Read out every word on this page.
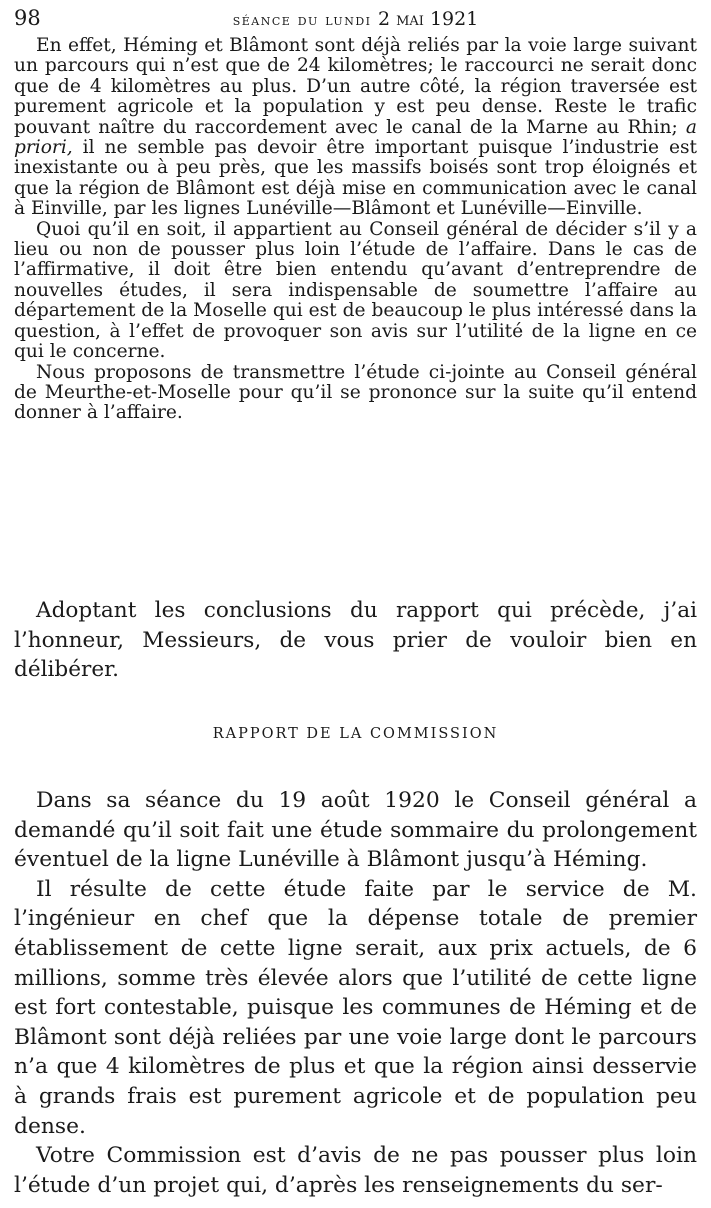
98	séance du lundi 2 mai 1921

En effet, Héming et Blâmont sont déjà reliés par la voie large suivant un parcours qui n’est que de 24 kilomètres; le raccourci ne serait donc que de 4 kilomètres au plus. D’un autre côté, la région traversée est purement agricole et la population y est peu dense. Reste le trafic pouvant naître du raccordement avec le canal de la Marne au Rhin; a priori, il ne semble pas devoir être important puisque l’industrie est inexistante ou à peu près, que les massifs boisés sont trop éloignés et que la région de Blâmont est déjà mise en communication avec le canal à Einville, par les lignes Lunéville—Blâmont et Lunéville—Einville.

Quoi qu’il en soit, il appartient au Conseil général de décider s’il y a lieu ou non de pousser plus loin l’étude de l’affaire. Dans le cas de l’affirmative, il doit être bien entendu qu’avant d’entreprendre de nouvelles études, il sera indispensable de soumettre l’affaire au département de la Moselle qui est de beaucoup le plus intéressé dans la question, à l’effet de provoquer son avis sur l’utilité de la ligne en ce qui le concerne.

Nous proposons de transmettre l’étude ci-jointe au Conseil général de Meurthe-et-Moselle pour qu’il se prononce sur la suite qu’il entend donner à l’affaire.

Adoptant les conclusions du rapport qui précède, j’ai l’honneur, Messieurs, de vous prier de vouloir bien en délibérer.

RAPPORT DE LA COMMISSION

Dans sa séance du 19 août 1920 le Conseil général a demandé qu’il soit fait une étude sommaire du prolongement éventuel de la ligne Lunéville à Blâmont jusqu’à Héming.

Il résulte de cette étude faite par le service de M. l’ingénieur en chef que la dépense totale de premier établissement de cette ligne serait, aux prix actuels, de 6 millions, somme très élevée alors que l’utilité de cette ligne est fort contestable, puisque les communes de Héming et de Blâmont sont déjà reliées par une voie large dont le parcours n’a que 4 kilomètres de plus et que la région ainsi desservie à grands frais est purement agricole et de population peu dense.

Votre Commission est d’avis de ne pas pousser plus loin l’étude d’un projet qui, d’après les renseignements du ser-
